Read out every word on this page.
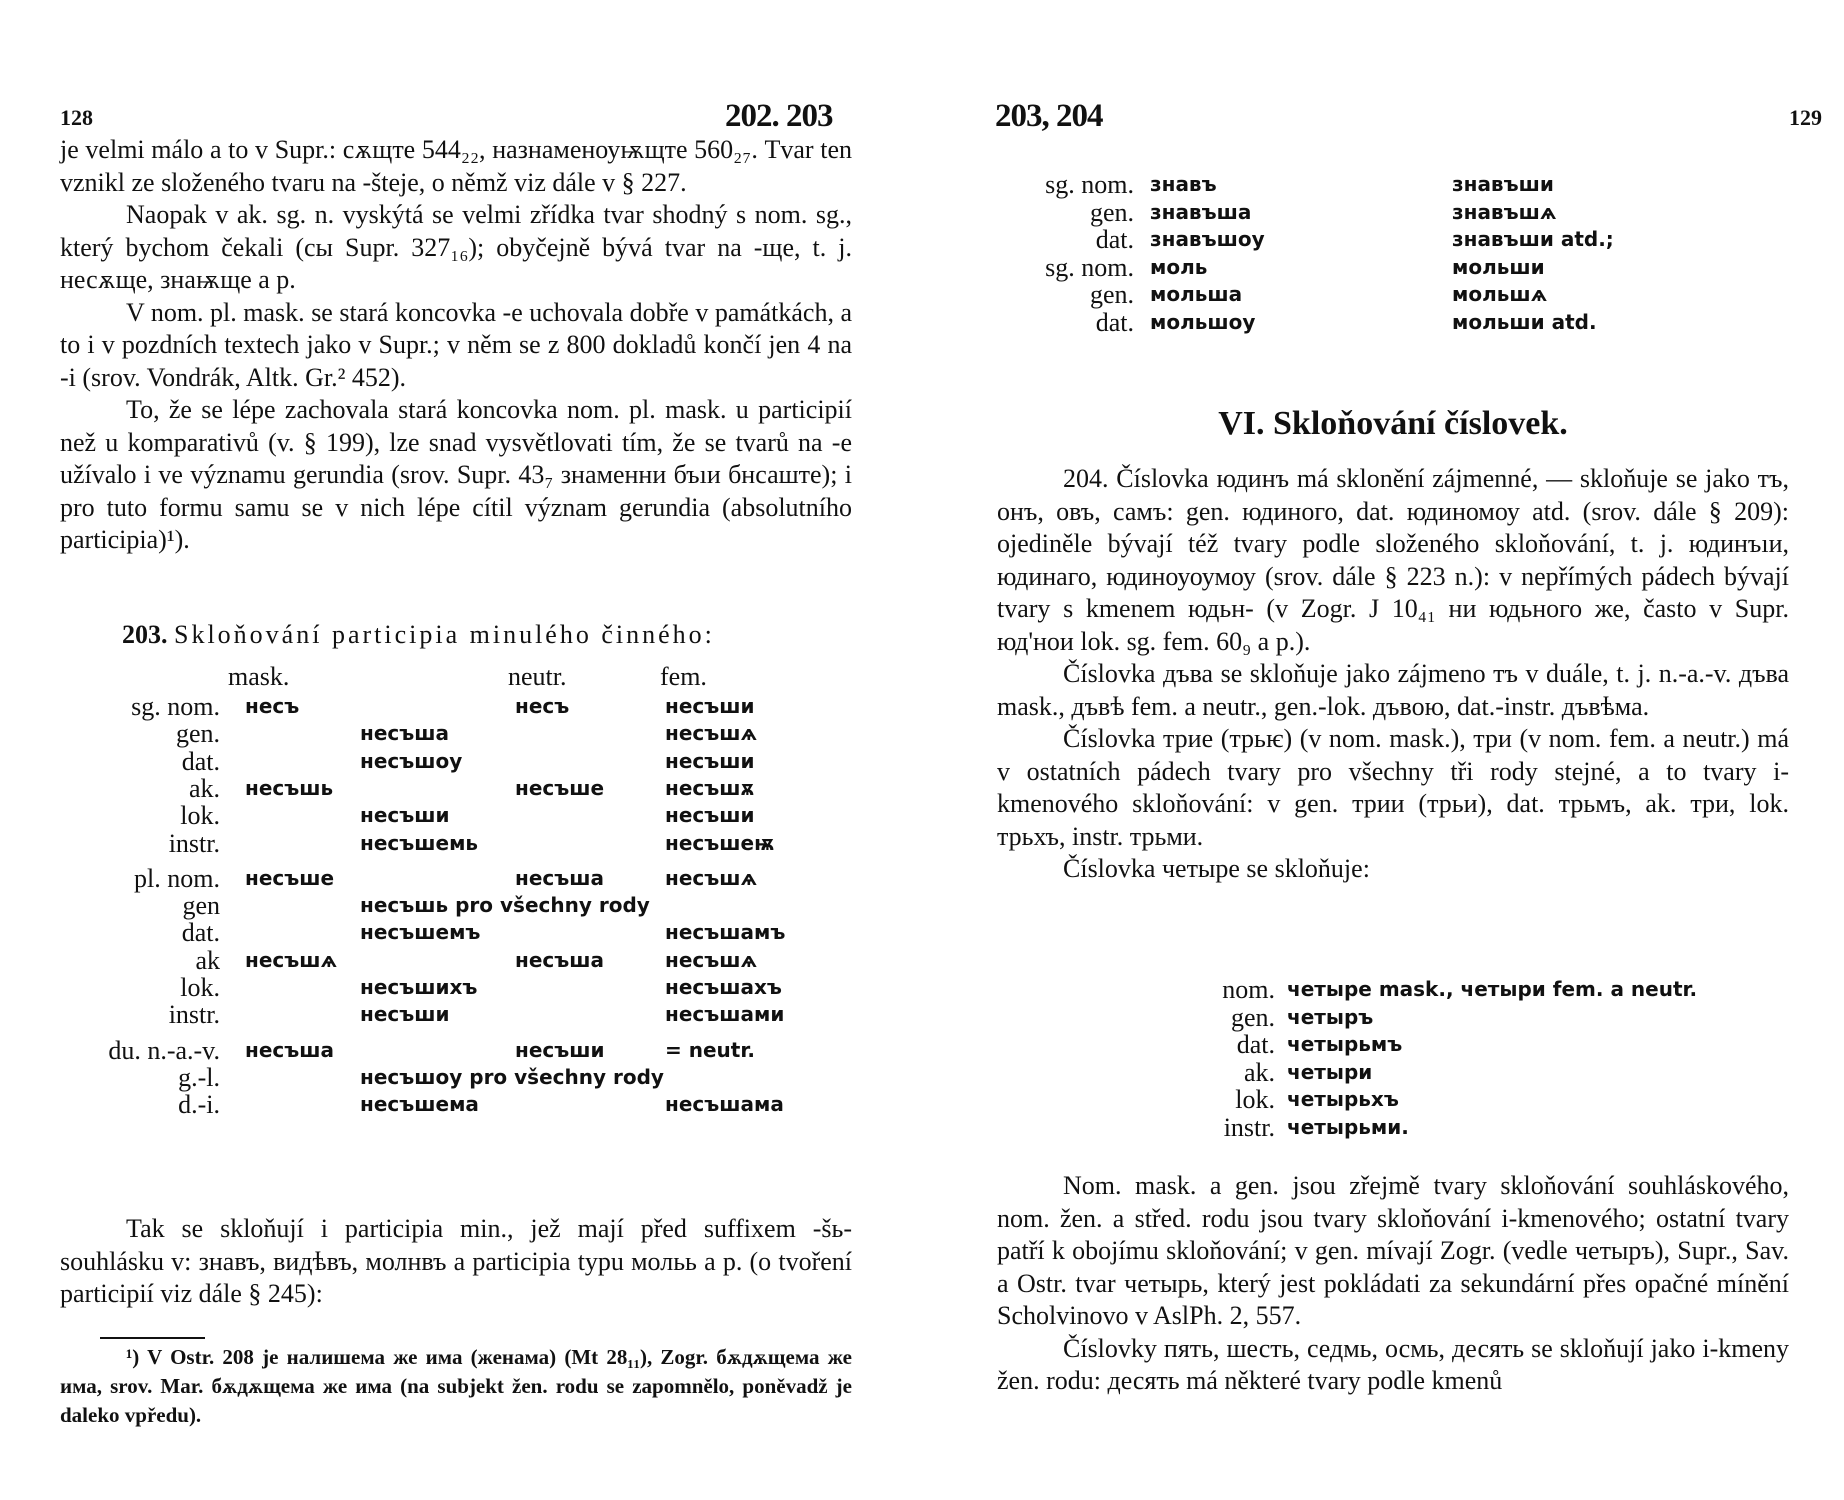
128	202. 203

je velmi málo a to v Supr.: сѫщте 544₂₂, назнаменоуѭщте 560₂₇. Tvar ten vznikl ze složeného tvaru na -šteje, o němž viz dále v § 227.

Naopak v ak. sg. n. vyskýtá se velmi zřídka tvar shodný s nom. sg., který bychom čekali (сы Supr. 327₁₆); obyčejně bývá tvar na -ще, t. j. несѫще, знаѭще a p.

V nom. pl. mask. se stará koncovka -e uchovala dobře v památkách, a to i v pozdních textech jako v Supr.; v něm se z 800 dokladů končí jen 4 na -i (srov. Vondrák, Altk. Gr.² 452).

To, že se lépe zachovala stará koncovka nom. pl. mask. u participií než u komparativů (v. § 199), lze snad vysvětlovati tím, že se tvarů na -e užívalo i ve významu gerundia (srov. Supr. 43₇ знаменни бъıи бнсаште); i pro tuto formu samu se v nich lépe cítil význam gerundia (absolutního participia)¹).

203. Skloňování participia minulého činného:
mask.	neutr.	fem.
sg. nom. несъ	несъ	несъши
gen.	несъша	несъшѧ
dat.	несъшоу	несъши
ak. несъшь	несъше	несъшѫ
lok.	несъши	несъши
instr.	несъшемь	несъшеѭ
pl. nom. несъше	несъша	несъшѧ
gen	несъшь pro všechny rody
dat.	несъшемъ	несъшамъ
ak несъшѧ	несъша	несъшѧ
lok.	несъшихъ	несъшахъ
instr.	несъши	несъшами
du. n.-a.-v. несъша	несъши	= neutr.
g.-l.	несъшоу pro všechny rody
d.-i.	несъшема	несъшама

Tak se skloňují i participia min., jež mají před suffixem -šь- souhlásku v: знавъ, видѣвъ, молнвъ a participia typu мольь a p. (o tvoření participií viz dále § 245):

¹) V Ostr. 208 je налишема же има (женама) (Mt 28₁₁), Zogr. бѫдѫщема же има, srov. Mar. бѫдѫщема же има (na subjekt žen. rodu se zapomnělo, poněvadž je daleko vpředu).

203, 204	129
sg. nom. знавъ	знавъши
gen. знавъша	знавъшѧ
dat. знавъшоу	знавъши atd.;
sg. nom. моль	мольши
gen. мольша	мольшѧ
dat. мольшоу	мольши atd.
VI. Skloňování číslovek.

204. Číslovka юдинъ má sklonění zájmenné, — skloňuje se jako тъ, онъ, овъ, самъ: gen. юдиного, dat. юдиномоу atd. (srov. dále § 209): ojediněle bývají též tvary podle složeného skloňování, t. j. юдинъıи, юдинаго, юдиноуоумоу (srov. dále § 223 n.): v nepřímých pádech bývají tvary s kmenem юдьн- (v Zogr. J 10₄₁ ни юдьного же, často v Supr. юд'нои lok. sg. fem. 60₉ a p.).

Číslovka дъва se skloňuje jako zájmeno тъ v duále, t. j. n.-a.-v. дъва mask., дъвѣ fem. a neutr., gen.-lok. дъвою, dat.-instr. дъвѣма.

Číslovka трие (трьѥ) (v nom. mask.), три (v nom. fem. a neutr.) má v ostatních pádech tvary pro všechny tři rody stejné, a to tvary i-kmenového skloňování: v gen. трии (трьи), dat. трьмъ, ak. три, lok. трьхъ, instr. трьми.

Číslovka четыре se skloňuje:

nom. четыре mask., четыри fem. a neutr.
gen. четыръ
dat. четырьмъ
ak. четыри
lok. четырьхъ
instr. четырьми.

Nom. mask. a gen. jsou zřejmě tvary skloňování souhláskového, nom. žen. a střed. rodu jsou tvary skloňování i-kmenového; ostatní tvary patří k obojímu skloňování; v gen. mívají Zogr. (vedle четыръ), Supr., Sav. a Ostr. tvar четырь, který jest pokládati za sekundární přes opačné mínění Scholvinovo v AslPh. 2, 557.

Číslovky пять, шесть, седмь, осмь, десять se skloňují jako i-kmeny žen. rodu: десять má některé tvary podle kmenů
